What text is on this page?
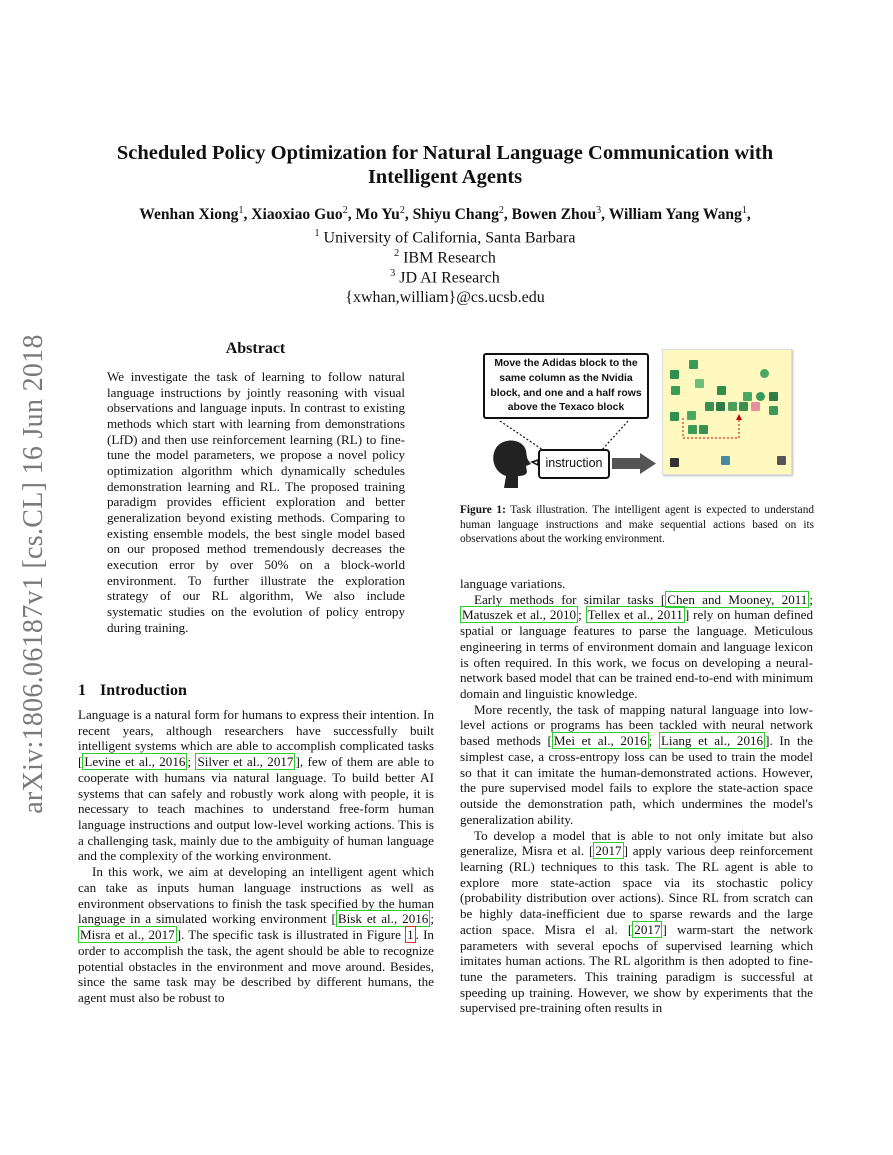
arXiv:1806.06187v1 [cs.CL] 16 Jun 2018
Scheduled Policy Optimization for Natural Language Communication with Intelligent Agents
Wenhan Xiong$^1$, Xiaoxiao Guo$^2$, Mo Yu$^2$, Shiyu Chang$^2$, Bowen Zhou$^3$, William Yang Wang$^1$,
$^1$ University of California, Santa Barbara
$^2$ IBM Research
$^3$ JD AI Research
{xwhan,william}@cs.ucsb.edu
Abstract
We investigate the task of learning to follow natural language instructions by jointly reasoning with visual observations and language inputs. In contrast to existing methods which start with learning from demonstrations (LfD) and then use reinforcement learning (RL) to fine-tune the model parameters, we propose a novel policy optimization algorithm which dynamically schedules demonstration learning and RL. The proposed training paradigm provides efficient exploration and better generalization beyond existing methods. Comparing to existing ensemble models, the best single model based on our proposed method tremendously decreases the execution error by over 50% on a block-world environment. To further illustrate the exploration strategy of our RL algorithm, We also include systematic studies on the evolution of policy entropy during training.
1 Introduction

Language is a natural form for humans to express their intention. In recent years, although researchers have successfully built intelligent systems which are able to accomplish complicated tasks [ Levine et al., 2016 ; Silver et al., 2017 ], few of them are able to cooperate with humans via natural language. To build better AI systems that can safely and robustly work along with people, it is necessary to teach machines to understand free-form human language instructions and output low-level working actions. This is a challenging task, mainly due to the ambiguity of human language and the complexity of the working environment.

In this work, we aim at developing an intelligent agent which can take as inputs human language instructions as well as environment observations to finish the task specified by the human language in a simulated working environment [ Bisk et al., 2016 ; Misra et al., 2017 ]. The specific task is illustrated in Figure 1 . In order to accomplish the task, the agent should be able to recognize potential obstacles in the environment and move around. Besides, since the same task may be described by different humans, the agent must also be robust to

Move the Adidas block to the same column as the Nvidia block, and one and a half rows above the Texaco block
instruction
Figure 1: Task illustration. The intelligent agent is expected to understand human language instructions and make sequential actions based on its observations about the working environment.

language variations.

Early methods for similar tasks [ Chen and Mooney, 2011 ; Matuszek et al., 2010 ; Tellex et al., 2011 ] rely on human defined spatial or language features to parse the language. Meticulous engineering in terms of environment domain and language lexicon is often required. In this work, we focus on developing a neural-network based model that can be trained end-to-end with minimum domain and linguistic knowledge.

More recently, the task of mapping natural language into low-level actions or programs has been tackled with neural network based methods [ Mei et al., 2016 ; Liang et al., 2016 ]. In the simplest case, a cross-entropy loss can be used to train the model so that it can imitate the human-demonstrated actions. However, the pure supervised model fails to explore the state-action space outside the demonstration path, which undermines the model's generalization ability.

To develop a model that is able to not only imitate but also generalize, Misra et al. [ 2017 ] apply various deep reinforcement learning (RL) techniques to this task. The RL agent is able to explore more state-action space via its stochastic policy (probability distribution over actions). Since RL from scratch can be highly data-inefficient due to sparse rewards and the large action space. Misra el al. [ 2017 ] warm-start the network parameters with several epochs of supervised learning which imitates human actions. The RL algorithm is then adopted to fine-tune the parameters. This training paradigm is successful at speeding up training. However, we show by experiments that the supervised pre-training often results in
